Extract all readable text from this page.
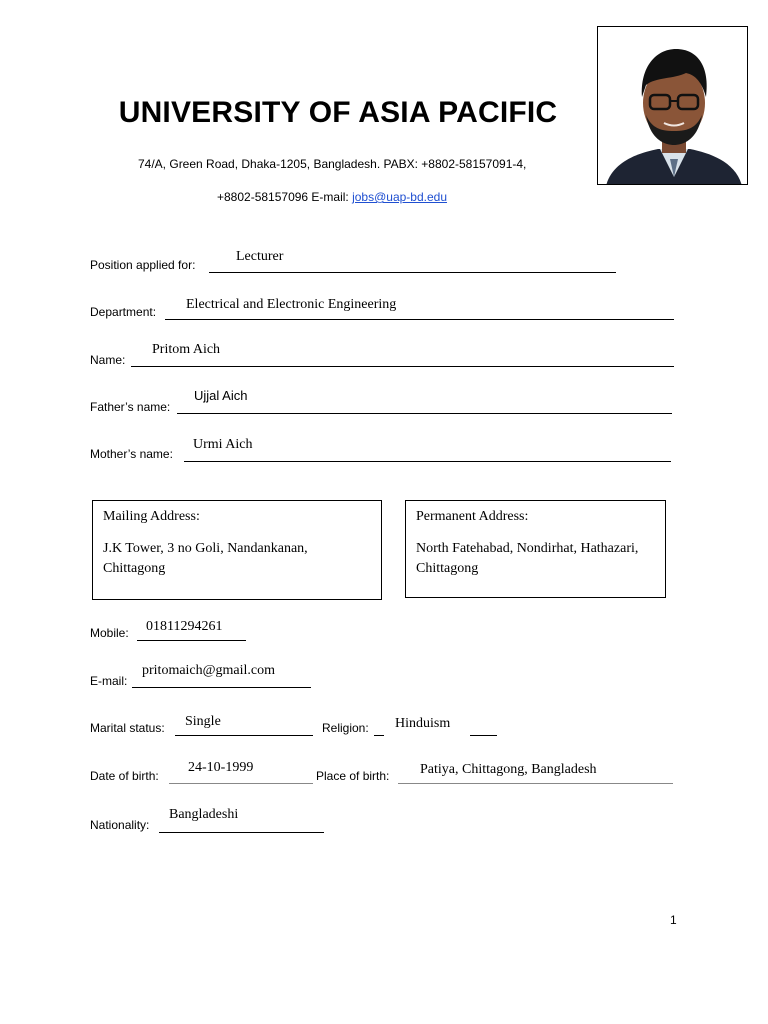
UNIVERSITY OF ASIA PACIFIC
74/A, Green Road, Dhaka-1205, Bangladesh. PABX: +8802-58157091-4,
+8802-58157096 E-mail: jobs@uap-bd.edu
Position applied for:
Lecturer
Department: Electrical and Electronic Engineering
Name:
Pritom Aich
Father’s name:
Ujjal Aich
Mother’s name:
Urmi Aich
Mailing Address:
J.K Tower, 3 no Goli, Nandankanan,
Chittagong
Permanent Address:
North Fatehabad, Nondirhat, Hathazari,
Chittagong
Mobile: 01811294261
E-mail:
pritomaich@gmail.com
Marital status: Single	Religion: Hinduism
Date of birth:
24-10-1999
Place of birth: Patiya, Chittagong, Bangladesh
Nationality:
Bangladeshi
1
